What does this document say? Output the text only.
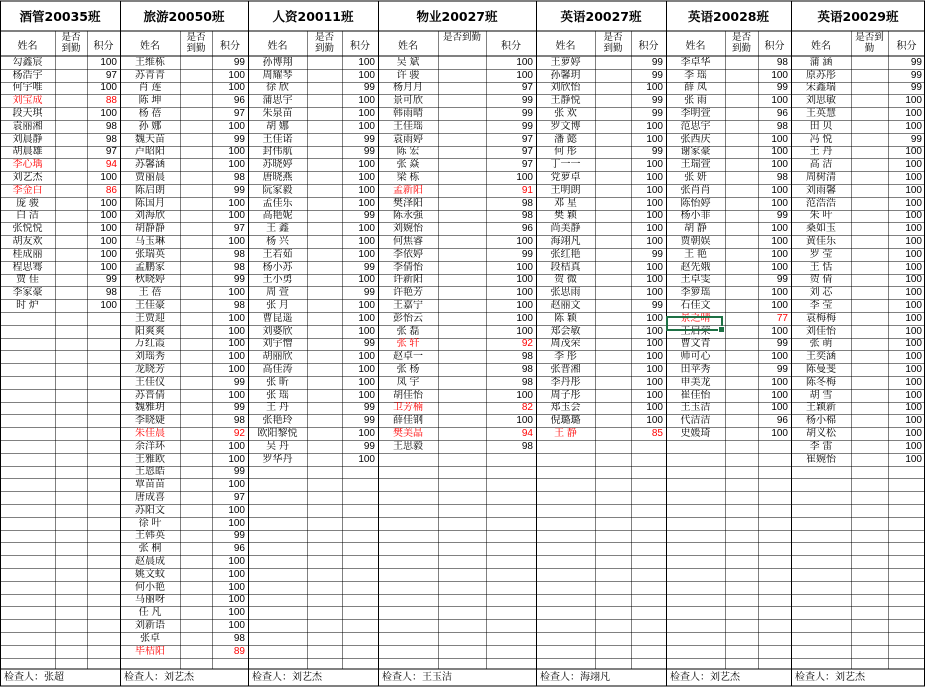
酒管20035班
姓名
是否到勤	积分
勾鑫宸	100
杨浩宇	97
何宇唯	100
刘宝成	88
段天琪	100
袁丽湘	98
刘晨静	98
胡晨雄	97
李心瑀	94
刘艺杰	100
李金白	86
庞 骏	100
白 洁	100
张悦悦	100
胡友欢	100
桂成丽	100
程思骞	100
贾 佳	99
李家豪	98
时 炉	100
检查人：张超
旅游20050班
姓名
是否到勤	积分
王维栋	99
苏青青	100
肖 莲	100
陈 坤	96
杨 蓓	97
孙 娜	100
魏天苗	99
卢昭阳	100
苏馨涵	100
贾丽晨	98
陈启朗	99
陈国月	100
刘海欣	100
胡静静	97
马玉琳	100
张瑞英	98
孟鹏家	98
秋晓婷	99
王 蓓	100
王佳豪	98
王贾迎	100
阳爽爽	100
万红霞	100
刘瑶秀	100
龙晓芳	100
王佳仪	99
苏晋倩	100
魏雅玥	99
李晓婕	98
朱佳晨	92
余洋环	100
王雅欧	100
王恩皓	99
覃苗苗	100
唐成喜	97
苏阳文	100
徐 叶	100
王韩英	99
张 桐	96
赵晨成	100
姚文蚊	100
何小艳	100
马丽呀	100
任 凡	100
刘新语	100
张卓	98
毕桔阳	89
检查人：刘艺杰
人资20011班
姓名
是否到勤	积分
孙博翔	100
周耀琴	100
徐 欣	99
蒲思宇	100
朱泉苗	100
胡 娜	100
王佳诺	99
封伟航	99
苏晓婷	100
唐晓燕	100
阮家毅	100
孟佳乐	100
高艳妮	99
王 鑫	100
杨 兴	100
王若茹	100
杨小苏	99
王小勇	100
周 萱	99
张 月	100
曹昆遥	100
刘婆欣	100
刘宇憎	99
胡丽欣	100
高佳涛	100
张 昕	100
张 瑶	100
王 丹	99
张艳玲	99
欧阳黎悦	100
吴 丹	99
罗华丹	100
检查人：刘艺杰
物业20027班
姓名
是否到勤
积分
吴 斌	100
许 骏	100
杨月月	97
景可欣	99
韩雨晴	99
王佳瑶	99
袁雨婷	97
陈 宏	97
张 焱	97
梁 栋	100
孟新阳	91
樊泽阳	98
陈永强	98
刘婉怡	96
何焦睿	100
李依婷	99
李倩怡	100
许新阳	100
许艳芳	100
王嘉宁	100
彭怡云	100
张 磊	100
张 轩	92
赵卓一	98
张 杨	98
凤 宇	98
胡佳怡	100
卫芳楠	82
薛佳钢	100
樊美晶	94
王思毅	98
检查人：王玉洁
英语20027班
姓名
是否到勤	积分
王萝婷	99
孙馨玥	99
刘欣怡	100
王静悦	99
张 欢	99
罗文博	100
潘 懿	100
何 彤	99
丁一一	100
党萝卓	100
王明朗	100
邓 星	100
樊 颖	100
尚美静	100
海翊凡	100
张红艳	99
段桔真	100
贺 微	100
张思雨	100
赵丽文	99
陈 颖	100
郑会敏	100
周茂荣	100
李 彤	100
张普湘	100
李丹彤	100
周子彤	100
郑玉会	100
倪璐璐	100
王 静	85
检查人：海翊凡
英语20028班
姓名
是否到勤	积分
李卓华	98
李 瑶	100
薛 凤	99
张 雨	100
李明萱	96
范思宇	98
张西庆	100
谢家豪	100
王瑞萱	100
张 妍	98
张肖肖	100
陈怡婷	100
杨小菲	99
胡 静	100
贾朝娱	100
王 艳	100
赵先娥	100
王卓雯	99
李箩瑶	100
石佳文	100
景之晴	77
王启荣	100
曹文青	99
师可心	100
田苹秀	99
申美龙	100
崔佳怡	100
王玉洁	100
代洁洁	96
史媛琦	100
检查人：刘艺杰
英语20029班
姓名
是否到勤	积分
蒲 涵	99
原苏彤	99
宋鑫瑞	99
刘思敏	100
王英慧	100
田 贝	100
冯 悦	99
王 丹	100
高 洁	100
周树清	100
刘雨馨	100
范浩浩	100
朱 叶	100
桑如玉	100
黄佳乐	100
罗 莹	100
王 恬	100
贺 倩	100
刘 芯	100
李 莹	100
袁梅梅	100
刘佳怡	100
张 萌	100
王奕涵	100
陈曼斐	100
陈冬梅	100
胡 雪	100
王颖新	100
杨小棉	100
胡义松	100
李 雷	100
崔婉怡	100
检查人：刘艺杰
